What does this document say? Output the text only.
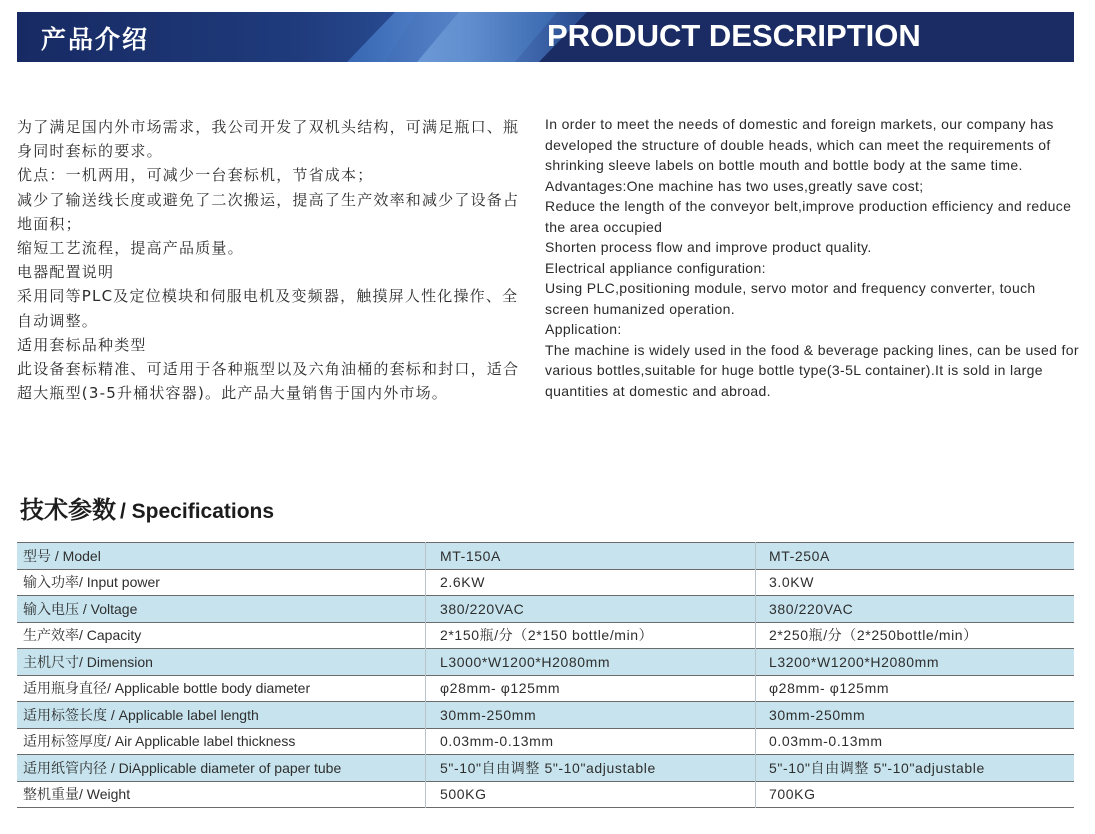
产品介绍	PRODUCT DESCRIPTION

为了满足国内外市场需求，我公司开发了双机头结构，可满足瓶口、瓶身同时套标的要求。

优点：一机两用，可减少一台套标机，节省成本；

减少了输送线长度或避免了二次搬运，提高了生产效率和减少了设备占地面积；

缩短工艺流程，提高产品质量。

电器配置说明

采用同等PLC及定位模块和伺服电机及变频器，触摸屏人性化操作、全自动调整。

适用套标品种类型

此设备套标精准、可适用于各种瓶型以及六角油桶的套标和封口，适合超大瓶型(3-5升桶状容器)。此产品大量销售于国内外市场。

In order to meet the needs of domestic and foreign markets, our company has developed the structure of double heads, which can meet the requirements of shrinking sleeve labels on bottle mouth and bottle body at the same time.

Advantages:One machine has two uses,greatly save cost;

Reduce the length of the conveyor belt,improve production efficiency and reduce the area occupied

Shorten process flow and improve product quality.

Electrical appliance configuration:

Using PLC,positioning module, servo motor and frequency converter, touch screen humanized operation.

Application:

The machine is widely used in the food & beverage packing lines, can be used for various bottles,suitable for huge bottle type(3-5L container).It is sold in large quantities at domestic and abroad.

技术参数 / Specifications
型号 / Model	MT-150A	MT-250A
输入功率/ Input power	2.6KW	3.0KW
输入电压 / Voltage	380/220VAC	380/220VAC
生产效率/ Capacity	2*150瓶/分（2*150 bottle/min）	2*250瓶/分（2*250bottle/min）
主机尺寸/ Dimension	L3000*W1200*H2080mm	L3200*W1200*H2080mm
适用瓶身直径/ Applicable bottle body diameter	φ28mm- φ125mm	φ28mm- φ125mm
适用标签长度 / Applicable label length	30mm-250mm	30mm-250mm
适用标签厚度/ Air Applicable label thickness	0.03mm-0.13mm	0.03mm-0.13mm
适用纸管内径 / DiApplicable diameter of paper tube	5"-10"自由调整 5"-10"adjustable	5"-10"自由调整 5"-10"adjustable
整机重量/ Weight	500KG	700KG
